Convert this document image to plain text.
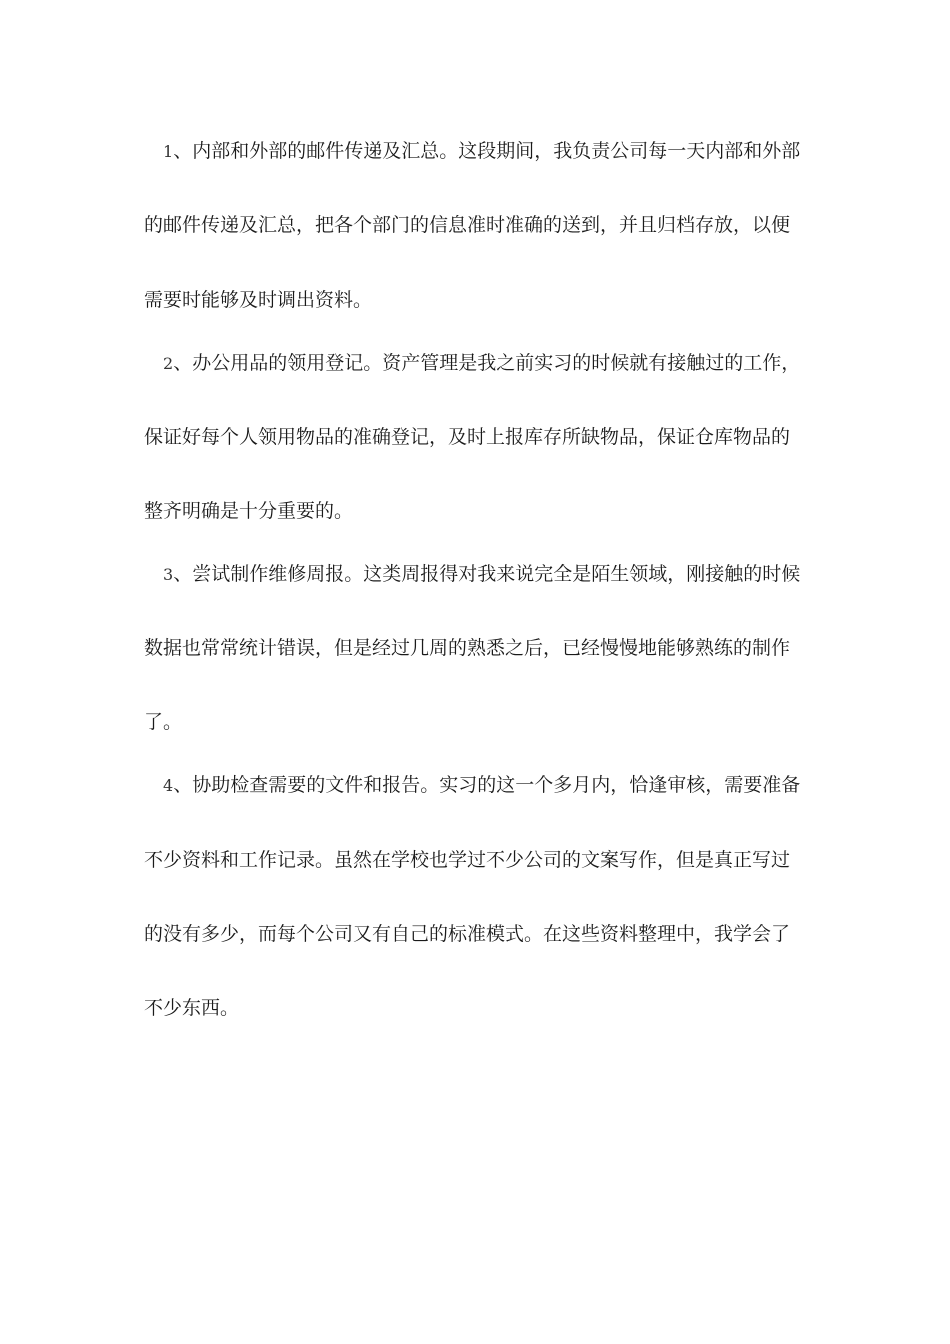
1、内部和外部的邮件传递及汇总。这段期间，我负责公司每一天内部和外部
的邮件传递及汇总，把各个部门的信息准时准确的送到，并且归档存放，以便
需要时能够及时调出资料。
2、办公用品的领用登记。资产管理是我之前实习的时候就有接触过的工作，
保证好每个人领用物品的准确登记，及时上报库存所缺物品，保证仓库物品的
整齐明确是十分重要的。
3、尝试制作维修周报。这类周报得对我来说完全是陌生领域，刚接触的时候
数据也常常统计错误，但是经过几周的熟悉之后，已经慢慢地能够熟练的制作
了。
4、协助检查需要的文件和报告。实习的这一个多月内，恰逢审核，需要准备
不少资料和工作记录。虽然在学校也学过不少公司的文案写作，但是真正写过
的没有多少，而每个公司又有自己的标准模式。在这些资料整理中，我学会了
不少东西。
